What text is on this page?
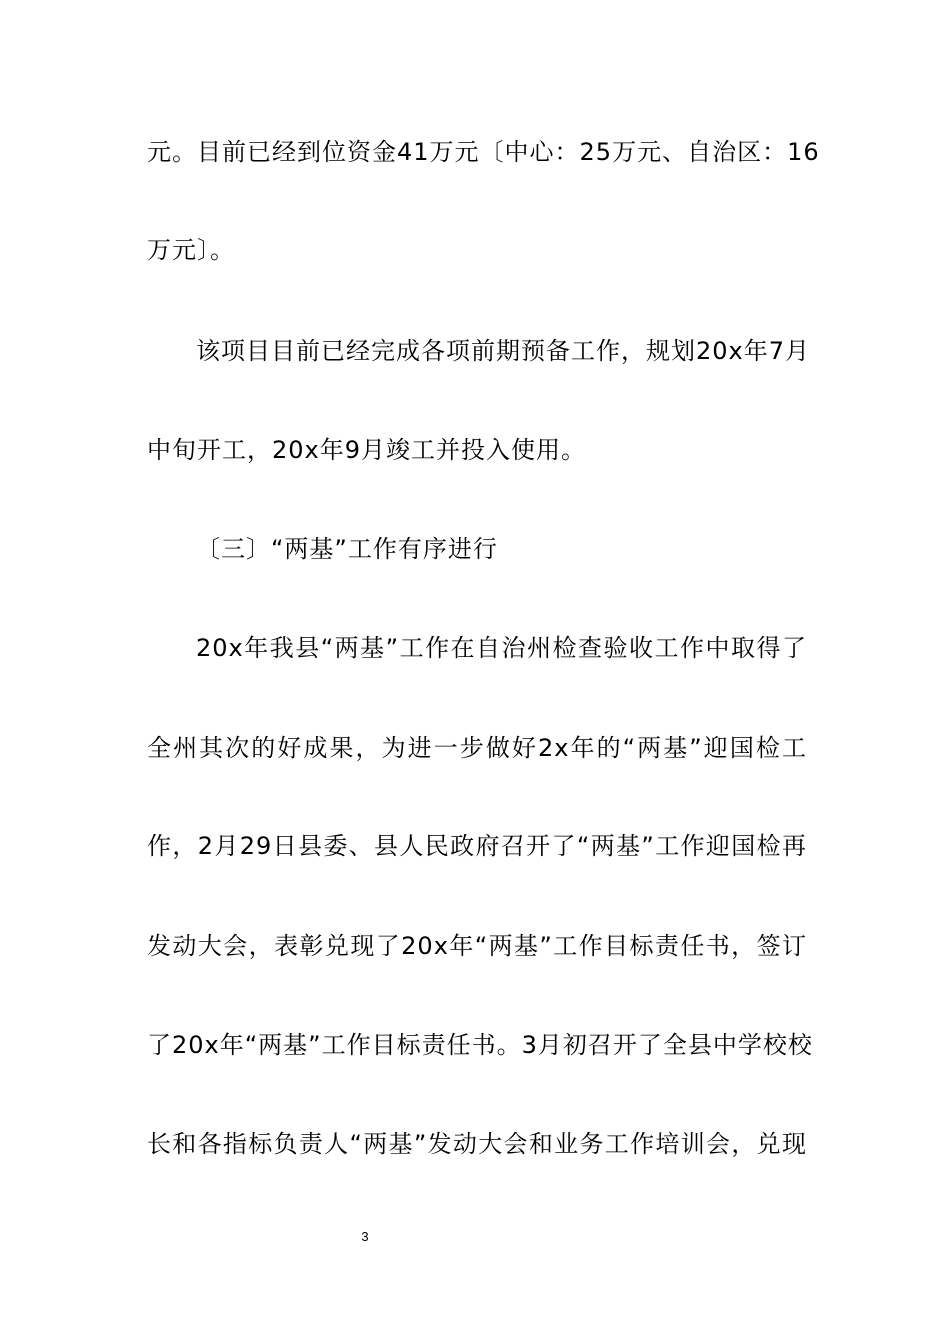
元。目前已经到位资金41万元〔中心：25万元、自治区：16
万元〕。
该项目目前已经完成各项前期预备工作，规划20x年7月
中旬开工，20x年9月竣工并投入使用。
〔三〕“两基”工作有序进行
20x年我县“两基”工作在自治州检查验收工作中取得了
全州其次的好成果，为进一步做好2x年的“两基”迎国检工
作，2月29日县委、县人民政府召开了“两基”工作迎国检再
发动大会，表彰兑现了20x年“两基”工作目标责任书，签订
了20x年“两基”工作目标责任书。3月初召开了全县中学校校
长和各指标负责人“两基”发动大会和业务工作培训会，兑现
3
